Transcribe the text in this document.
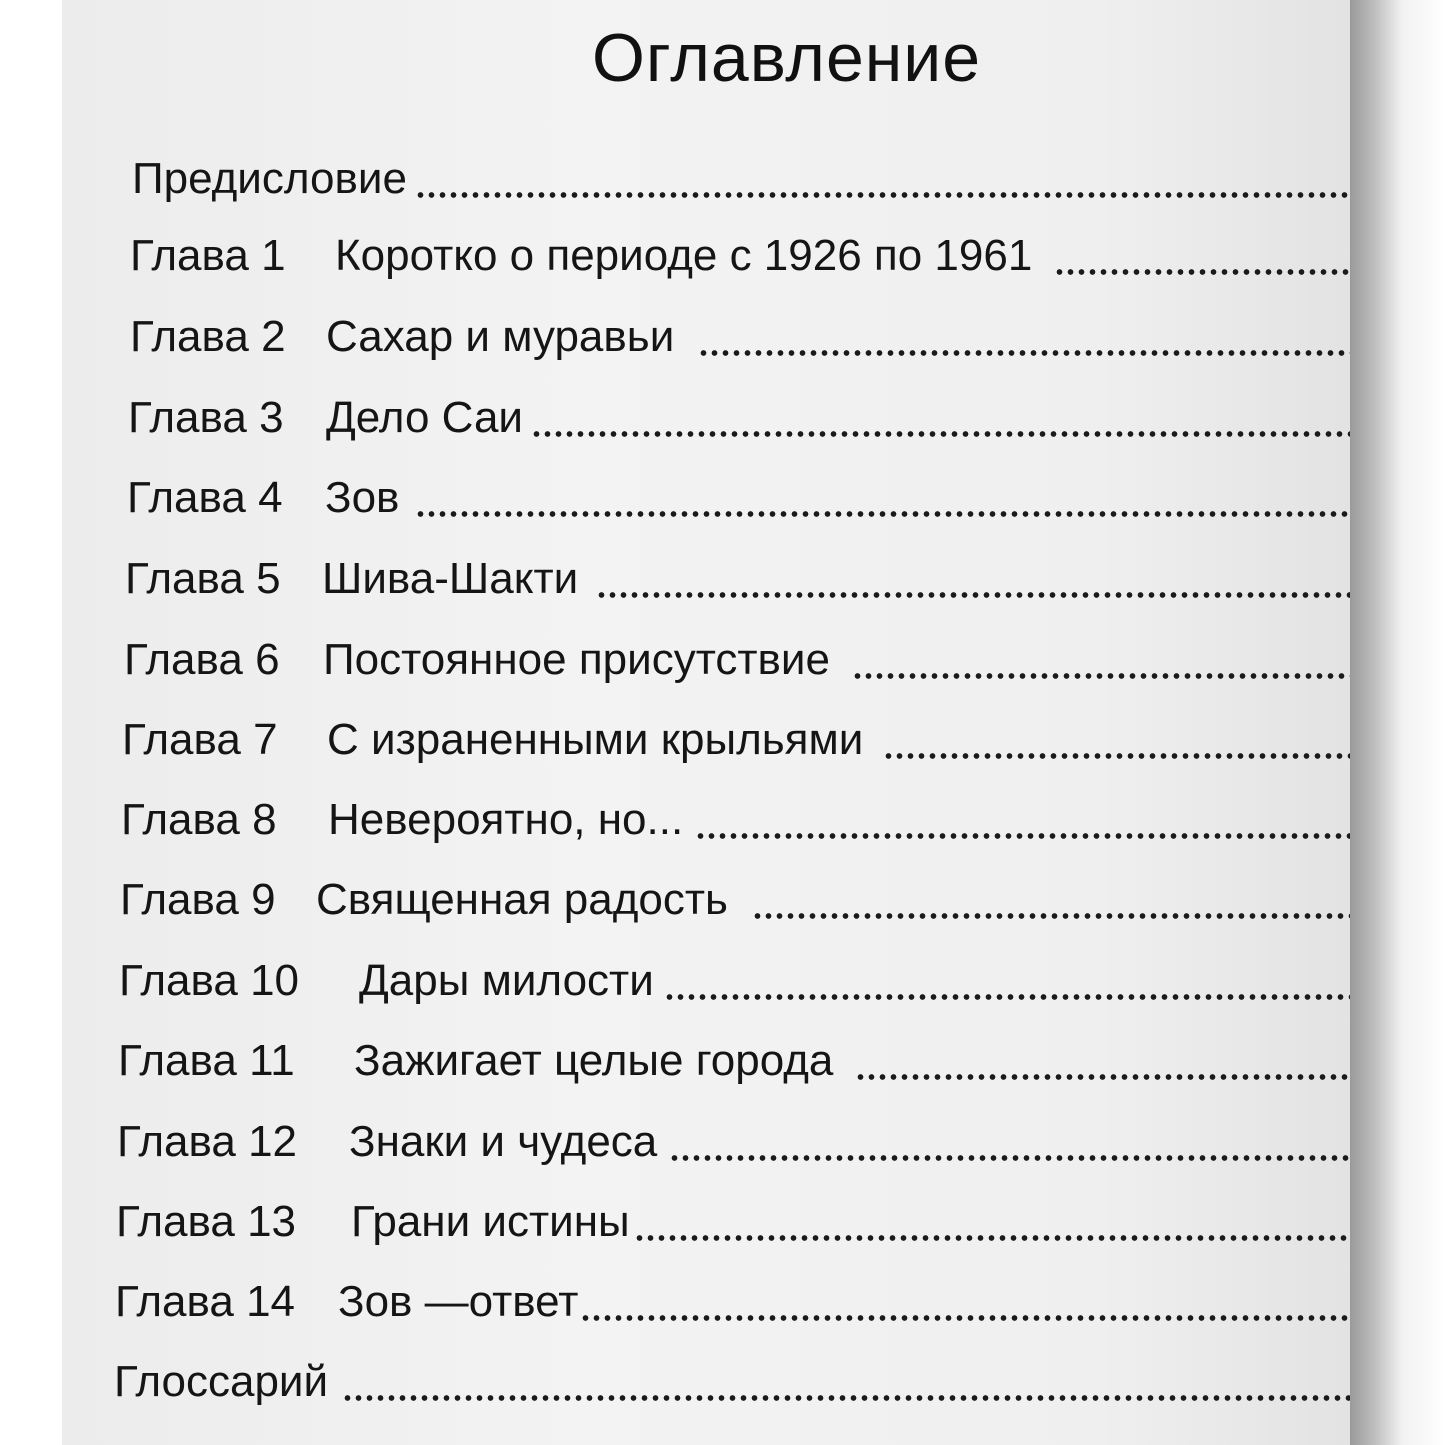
Оглавление
Предисловие
Глава 1	Коротко о периоде с 1926 по 1961
Глава 2 Сахар и муравьи
Глава 3 Дело Саи
Глава 4 Зов
Глава 5 Шива-Шакти
Глава 6 Постоянное присутствие
Глава 7	С израненными крыльями
Глава 8	Невероятно, но...
Глава 9 Священная радость
Глава 10	Дары милости
Глава 11	Зажигает целые города
Глава 12	Знаки и чудеса
Глава 13	Грани истины
Глава 14 Зов —ответ
Глоссарий
